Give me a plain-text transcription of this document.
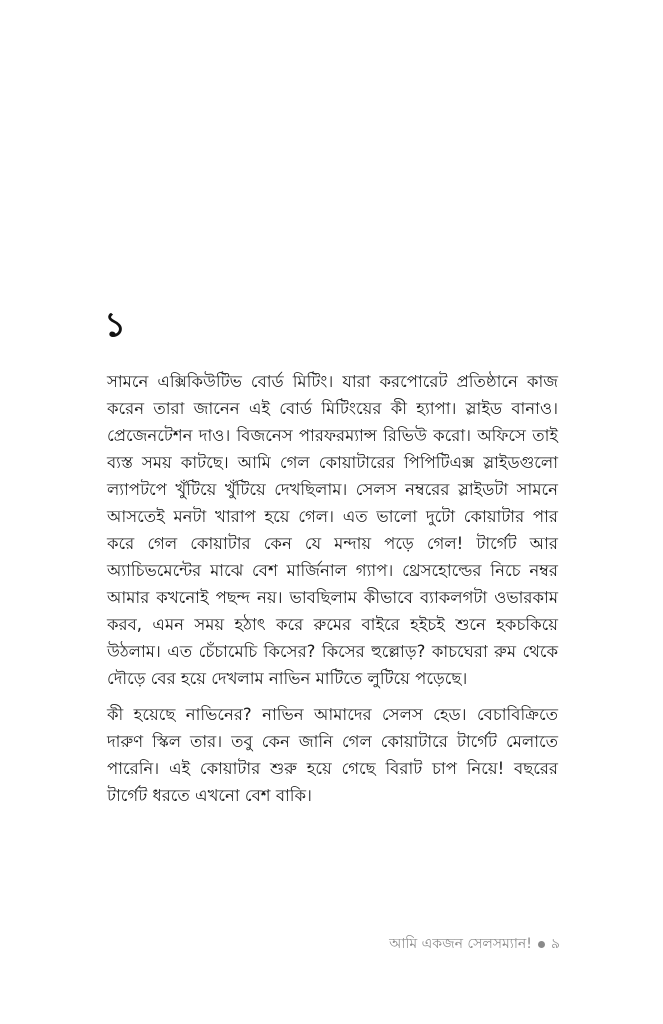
১

সামনে এক্সিকিউটিভ বোর্ড মিটিং। যারা করপোরেট প্রতিষ্ঠানে কাজ করেন তারা জানেন এই বোর্ড মিটিংয়ের কী হ্যাপা। স্লাইড বানাও। প্রেজেনটেশন দাও। বিজনেস পারফরম্যান্স রিভিউ করো। অফিসে তাই ব্যস্ত সময় কাটছে। আমি গেল কোয়াটারের পিপিটিএক্স স্লাইডগুলো ল্যাপটপে খুঁটিয়ে খুঁটিয়ে দেখছিলাম। সেলস নম্বরের স্লাইডটা সামনে আসতেই মনটা খারাপ হয়ে গেল। এত ভালো দুটো কোয়াটার পার করে গেল কোয়াটার কেন যে মন্দায় পড়ে গেল! টার্গেট আর অ্যাচিভমেন্টের মাঝে বেশ মার্জিনাল গ্যাপ। থ্রেসহোল্ডের নিচে নম্বর আমার কখনোই পছন্দ নয়। ভাবছিলাম কীভাবে ব্যাকলগটা ওভারকাম করব, এমন সময় হঠাৎ করে রুমের বাইরে হইচই শুনে হকচকিয়ে উঠলাম। এত চেঁচামেচি কিসের? কিসের হুল্লোড়? কাচঘেরা রুম থেকে দৌড়ে বের হয়ে দেখলাম নাভিন মাটিতে লুটিয়ে পড়েছে।

কী হয়েছে নাভিনের? নাভিন আমাদের সেলস হেড। বেচাবিক্রিতে দারুণ স্কিল তার। তবু কেন জানি গেল কোয়াটারে টার্গেট মেলাতে পারেনি। এই কোয়াটার শুরু হয়ে গেছে বিরাট চাপ নিয়ে! বছরের টার্গেট ধরতে এখনো বেশ বাকি।

আমি একজন সেলসম্যান! ৯
